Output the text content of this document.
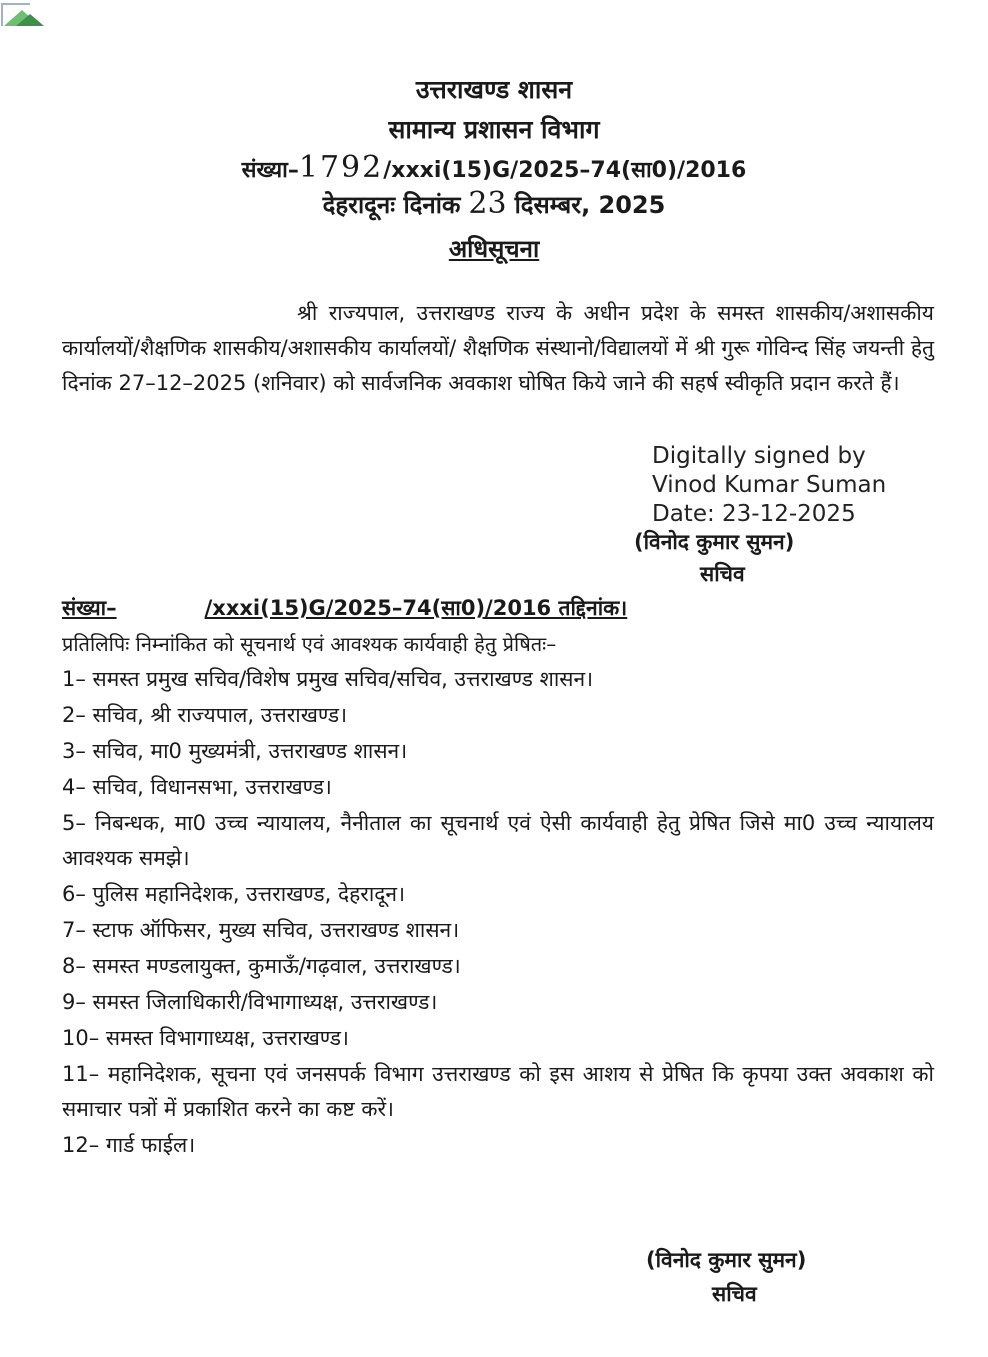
उत्तराखण्ड शासन
सामान्य प्रशासन विभाग
संख्या–1792/xxxi(15)G/2025–74(सा0)/2016
देहरादूनः दिनांक 23 दिसम्बर, 2025
अधिसूचना
श्री राज्यपाल, उत्तराखण्ड राज्य के अधीन प्रदेश के समस्त शासकीय/अशासकीय कार्यालयों/शैक्षणिक शासकीय/अशासकीय कार्यालयों/ शैक्षणिक संस्थानो/विद्यालयों में श्री गुरू गोविन्द सिंह जयन्ती हेतु दिनांक 27–12–2025 (शनिवार) को सार्वजनिक अवकाश घोषित किये जाने की सहर्ष स्वीकृति प्रदान करते हैं।
Digitally signed by
Vinod Kumar Suman
Date: 23-12-2025
(विनोद कुमार सुमन)
सचिव
संख्या–	/xxxi(15)G/2025–74(सा0)/2016 तद्दिनांक।
प्रतिलिपिः निम्नांकित को सूचनार्थ एवं आवश्यक कार्यवाही हेतु प्रेषितः–
1– समस्त प्रमुख सचिव/विशेष प्रमुख सचिव/सचिव, उत्तराखण्ड शासन।
2– सचिव, श्री राज्यपाल, उत्तराखण्ड।
3– सचिव, मा0 मुख्यमंत्री, उत्तराखण्ड शासन।
4– सचिव, विधानसभा, उत्तराखण्ड।
5– निबन्धक, मा0 उच्च न्यायालय, नैनीताल का सूचनार्थ एवं ऐसी कार्यवाही हेतु प्रेषित जिसे मा0 उच्च न्यायालय आवश्यक समझे।
6– पुलिस महानिदेशक, उत्तराखण्ड, देहरादून।
7– स्टाफ ऑफिसर, मुख्य सचिव, उत्तराखण्ड शासन।
8– समस्त मण्डलायुक्त, कुमाऊँ/गढ़वाल, उत्तराखण्ड।
9– समस्त जिलाधिकारी/विभागाध्यक्ष, उत्तराखण्ड।
10– समस्त विभागाध्यक्ष, उत्तराखण्ड।
11– महानिदेशक, सूचना एवं जनसपर्क विभाग उत्तराखण्ड को इस आशय से प्रेषित कि कृपया उक्त अवकाश को समाचार पत्रों में प्रकाशित करने का कष्ट करें।
12– गार्ड फाईल।
(विनोद कुमार सुमन)
सचिव
